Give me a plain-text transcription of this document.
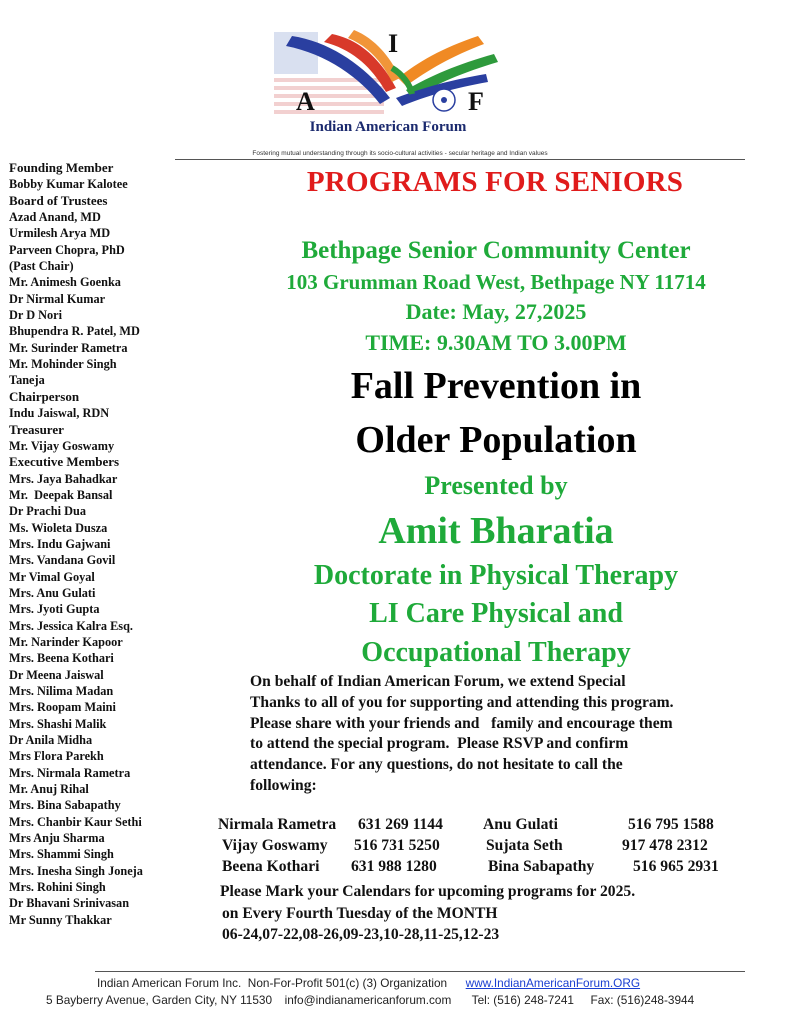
I
A	F
Indian American Forum
Fostering mutual understanding through its socio-cultural activities - secular heritage and Indian values
Founding Member
Bobby Kumar Kalotee
Board of Trustees
Azad Anand, MD
Urmilesh Arya MD
Parveen Chopra, PhD
(Past Chair)
Mr. Animesh Goenka
Dr Nirmal Kumar
Dr D Nori
Bhupendra R. Patel, MD
Mr. Surinder Rametra
Mr. Mohinder Singh
Taneja
Chairperson
Indu Jaiswal, RDN
Treasurer
Mr. Vijay Goswamy
Executive Members
Mrs. Jaya Bahadkar
Mr.  Deepak Bansal
Dr Prachi Dua
Ms. Wioleta Dusza
Mrs. Indu Gajwani
Mrs. Vandana Govil
Mr Vimal Goyal
Mrs. Anu Gulati
Mrs. Jyoti Gupta
Mrs. Jessica Kalra Esq.
Mr. Narinder Kapoor
Mrs. Beena Kothari
Dr Meena Jaiswal
Mrs. Nilima Madan
Mrs. Roopam Maini
Mrs. Shashi Malik
Dr Anila Midha
Mrs Flora Parekh
Mrs. Nirmala Rametra
Mr. Anuj Rihal
Mrs. Bina Sabapathy
Mrs. Chanbir Kaur Sethi
Mrs Anju Sharma
Mrs. Shammi Singh
Mrs. Inesha Singh Joneja
Mrs. Rohini Singh
Dr Bhavani Srinivasan
Mr Sunny Thakkar
PROGRAMS FOR SENIORS
Bethpage Senior Community Center
103 Grumman Road West, Bethpage NY 11714
Date: May, 27,2025
TIME: 9.30AM TO 3.00PM
Fall Prevention in
Older Population
Presented by
Amit Bharatia
Doctorate in Physical Therapy
LI Care Physical and
Occupational Therapy
On behalf of Indian American Forum, we extend Special
Thanks to all of you for supporting and attending this program.
Please share with your friends and   family and encourage them
to attend the special program.  Please RSVP and confirm
attendance. For any questions, do not hesitate to call the
following:
Nirmala Rametra 631 269 1144	Anu Gulati	516 795 1588
Vijay Goswamy 516 731 5250	Sujata Seth	917 478 2312
Beena Kothari 631 988 1280	Bina Sabapathy 516 965 2931
Please Mark your Calendars for upcoming programs for 2025.
on Every Fourth Tuesday of the MONTH
06-24,07-22,08-26,09-23,10-28,11-25,12-23
Indian American Forum Inc.  Non-For-Profit 501(c) (3) Organization www.IndianAmericanForum.ORG
5 Bayberry Avenue, Garden City, NY 11530 info@indianamericanforum.com Tel: (516) 248-7241 Fax: (516)248-3944
